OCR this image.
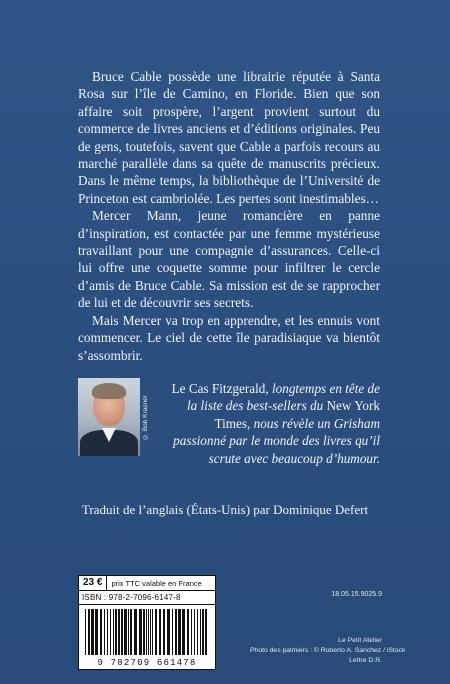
Bruce Cable possède une librairie réputée à Santa Rosa sur l’île de Camino, en Floride. Bien que son affaire soit prospère, l’argent provient surtout du commerce de livres anciens et d’éditions originales. Peu de gens, toutefois, savent que Cable a parfois recours au marché parallèle dans sa quête de manuscrits précieux. Dans le même temps, la bibliothèque de l’Université de Princeton est cambriolée. Les pertes sont inestimables…

Mercer Mann, jeune romancière en panne d’inspiration, est contactée par une femme mystérieuse travaillant pour une compagnie d’assurances. Celle-ci lui offre une coquette somme pour infiltrer le cercle d’amis de Bruce Cable. Sa mission est de se rapprocher de lui et de découvrir ses secrets.

Mais Mercer va trop en apprendre, et les ennuis vont commencer. Le ciel de cette île paradisiaque va bientôt s’assombrir.

© Bob Krasner
Le Cas Fitzgerald, longtemps en tête de la liste des best-sellers du New York Times, nous révèle un Grisham passionné par le monde des livres qu’il scrute avec beaucoup d’humour.
Traduit de l’anglais (États-Unis) par Dominique Defert
23 €	prix TTC valable en France
ISBN : 978-2-7096-6147-8
9 782709 661478
18.05.15.9025.9
Le Petit Atelier
Photo des palmiers : © Roberto A. Sanchez / iStock
Lettre D.R.
